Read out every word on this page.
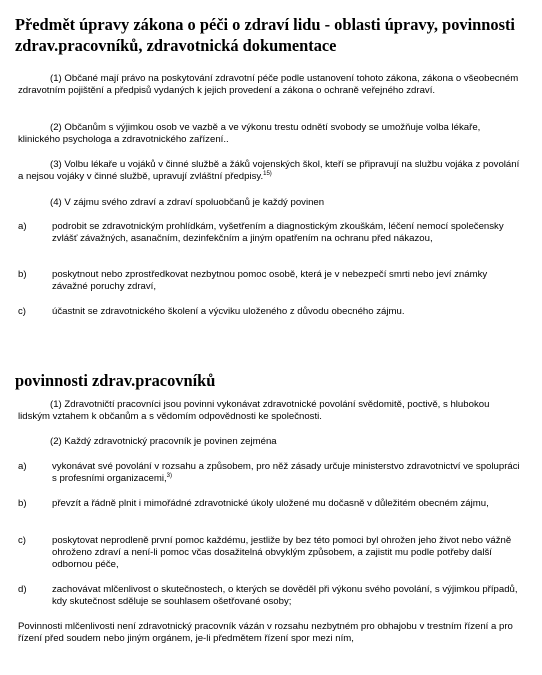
Předmět úpravy zákona o péči o zdraví lidu - oblasti úpravy, povinnosti zdrav.pracovníků, zdravotnická dokumentace

(1) Občané mají právo na poskytování zdravotní péče podle ustanovení tohoto zákona, zákona o všeobecném zdravotním pojištění a předpisů vydaných k jejich provedení a zákona o ochraně veřejného zdraví.

(2) Občanům s výjimkou osob ve vazbě a ve výkonu trestu odnětí svobody se umožňuje volba lékaře, klinického psychologa a zdravotnického zařízení..

(3) Volbu lékaře u vojáků v činné službě a žáků vojenských škol, kteří se připravují na službu vojáka z povolání a nejsou vojáky v činné službě, upravují zvláštní předpisy.$^{15)}$

(4) V zájmu svého zdraví a zdraví spoluobčanů je každý povinen

a)	podrobit se zdravotnickým prohlídkám, vyšetřením a diagnostickým zkouškám, léčení nemocí společensky zvlášť závažných, asanačním, dezinfekčním a jiným opatřením na ochranu před nákazou,

b)	poskytnout nebo zprostředkovat nezbytnou pomoc osobě, která je v nebezpečí smrti nebo jeví známky závažné poruchy zdraví,

c)	účastnit se zdravotnického školení a výcviku uloženého z důvodu obecného zájmu.

povinnosti zdrav.pracovníků

(1) Zdravotničtí pracovníci jsou povinni vykonávat zdravotnické povolání svědomitě, poctivě, s hlubokou lidským vztahem k občanům a s vědomím odpovědnosti ke společnosti.

(2) Každý zdravotnický pracovník je povinen zejména

a)	vykonávat své povolání v rozsahu a způsobem, pro něž zásady určuje ministerstvo zdravotnictví ve spolupráci s profesními organizacemi,$^{3)}$

b)	převzít a řádně plnit i mimořádné zdravotnické úkoly uložené mu dočasně v důležitém obecném zájmu,

c)	poskytovat neprodleně první pomoc každému, jestliže by bez této pomoci byl ohrožen jeho život nebo vážně ohroženo zdraví a není-li pomoc včas dosažitelná obvyklým způsobem, a zajistit mu podle potřeby další odbornou péče,

d)	zachovávat mlčenlivost o skutečnostech, o kterých se dověděl při výkonu svého povolání, s výjimkou případů, kdy skutečnost sděluje se souhlasem ošetřované osoby;

Povinnosti mlčenlivosti není zdravotnický pracovník vázán v rozsahu nezbytném pro obhajobu v trestním řízení a pro řízení před soudem nebo jiným orgánem, je-li předmětem řízení spor mezi ním,
